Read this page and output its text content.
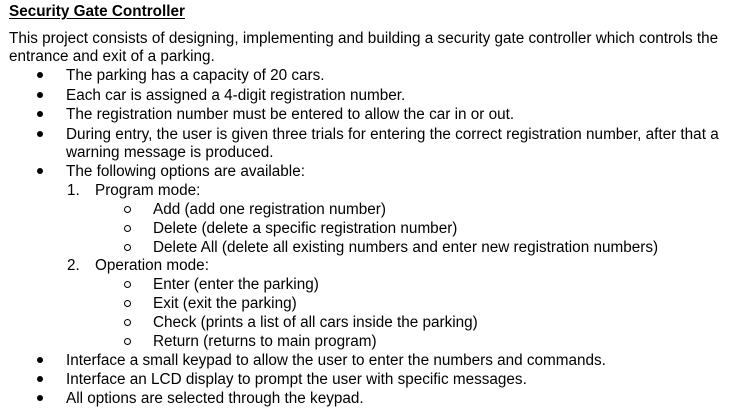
Security Gate Controller
This project consists of designing, implementing and building a security gate controller which controls the
entrance and exit of a parking.
The parking has a capacity of 20 cars.
Each car is assigned a 4-digit registration number.
The registration number must be entered to allow the car in or out.
During entry, the user is given three trials for entering the correct registration number, after that a
warning message is produced.
The following options are available:
1. Program mode:
Add (add one registration number)
Delete (delete a specific registration number)
Delete All (delete all existing numbers and enter new registration numbers)
2. Operation mode:
Enter (enter the parking)
Exit (exit the parking)
Check (prints a list of all cars inside the parking)
Return (returns to main program)
Interface a small keypad to allow the user to enter the numbers and commands.
Interface an LCD display to prompt the user with specific messages.
All options are selected through the keypad.
